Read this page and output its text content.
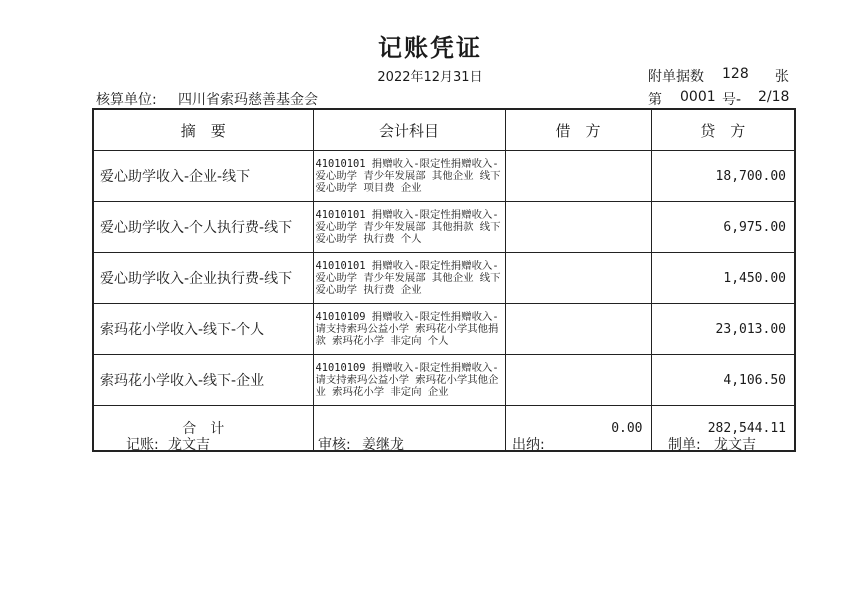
记账凭证
2022年12月31日	附单据数 128 张
核算单位: 四川省索玛慈善基金会	第 0001 号- 2/18
摘　要	会计科目	借　方	贷　方
爱心助学收入-企业-线下	41010101 捐赠收入-限定性捐赠收入-爱心助学 青少年发展部 其他企业 线下爱心助学 项目费 企业		18,700.00
爱心助学收入-个人执行费-线下	41010101 捐赠收入-限定性捐赠收入-爱心助学 青少年发展部 其他捐款 线下爱心助学 执行费 个人		6,975.00
爱心助学收入-企业执行费-线下	41010101 捐赠收入-限定性捐赠收入-爱心助学 青少年发展部 其他企业 线下爱心助学 执行费 企业		1,450.00
索玛花小学收入-线下-个人	41010109 捐赠收入-限定性捐赠收入-请支持索玛公益小学 索玛花小学其他捐款 索玛花小学 非定向 个人		23,013.00
索玛花小学收入-线下-企业	41010109 捐赠收入-限定性捐赠收入-请支持索玛公益小学 索玛花小学其他企业 索玛花小学 非定向 企业		4,106.50
合　计		0.00	282,544.11
记账: 龙文吉	审核: 姜继龙	出纳:	制单: 龙文吉
